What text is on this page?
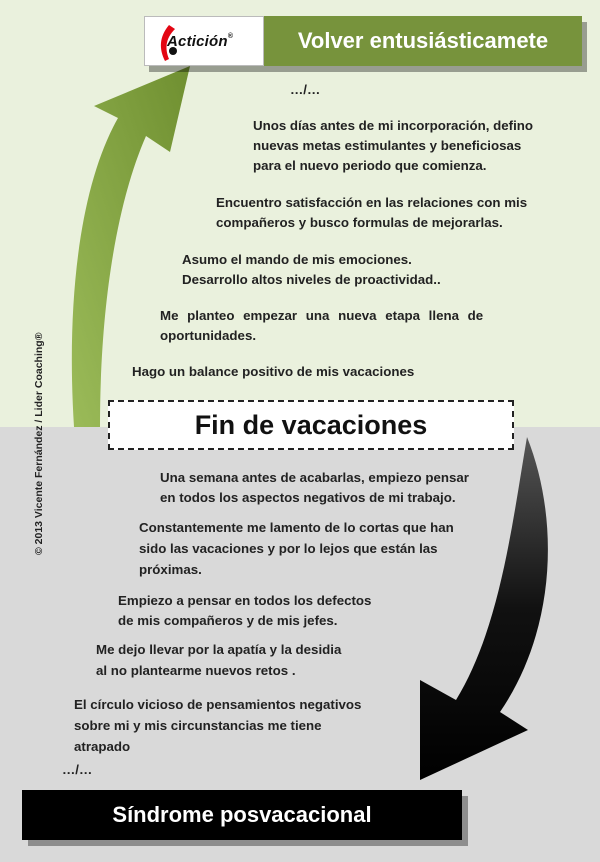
Actición®	Volver entusiásticamete
© 2013 Vicente Fernández / Lider Coaching®
…/…
Unos días antes de mi incorporación, defino
nuevas metas estimulantes y beneficiosas
para el nuevo periodo que comienza.
Encuentro satisfacción en las relaciones con mis
compañeros y busco formulas de mejorarlas.
Asumo el mando de mis emociones.
Desarrollo altos niveles de proactividad..
Me planteo empezar una nueva etapa llena de
oportunidades.
Hago un balance positivo de mis vacaciones
Fin de vacaciones
Una semana antes de acabarlas, empiezo pensar
en todos los aspectos negativos de mi trabajo.
Constantemente me lamento de lo cortas que han
sido las vacaciones y por lo lejos que están las
próximas.
Empiezo a pensar en todos los defectos
de mis compañeros y de mis jefes.
Me dejo llevar por la apatía y la desidia
al no plantearme nuevos retos .
El círculo vicioso de pensamientos negativos
sobre mi y mis circunstancias me tiene
atrapado
…/…
Síndrome posvacacional
